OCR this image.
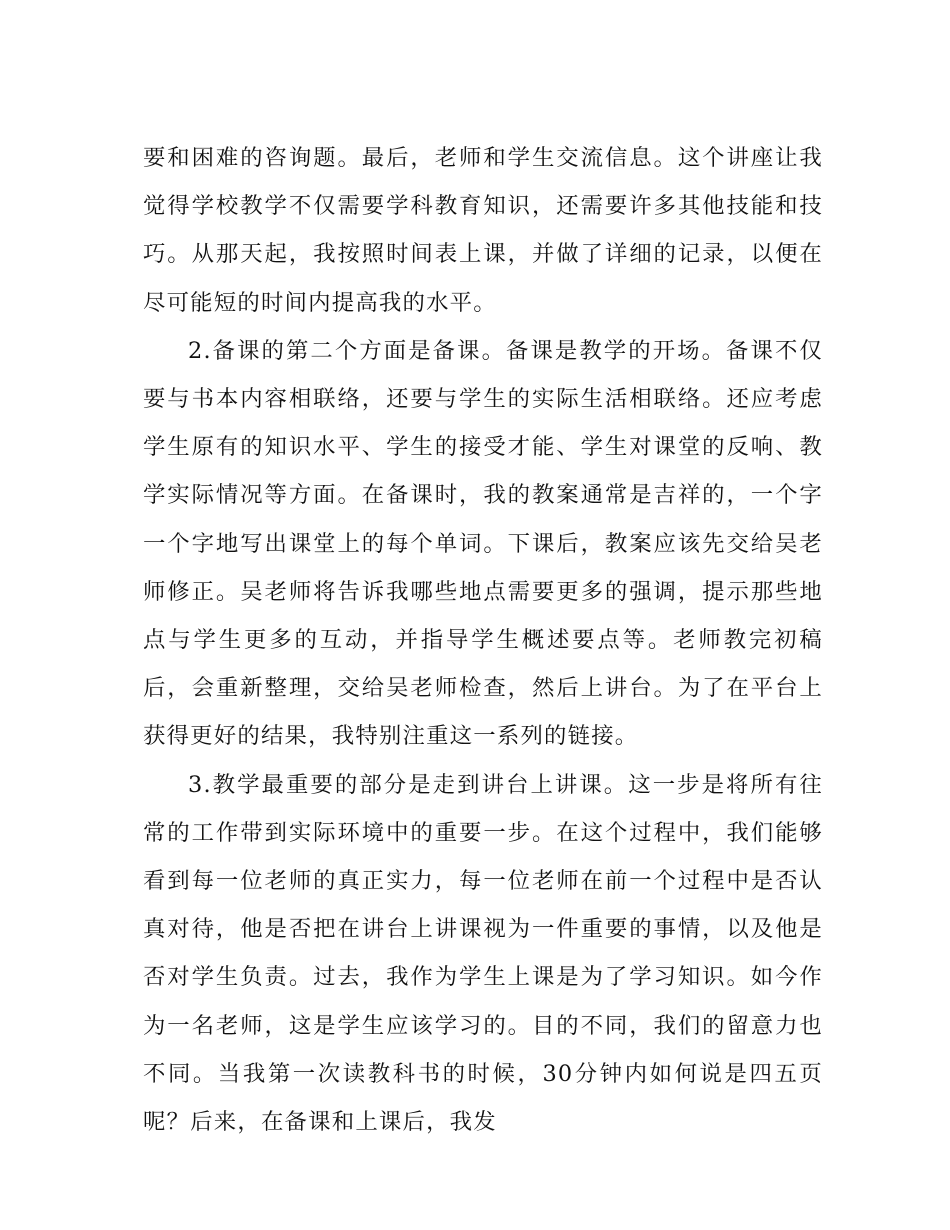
要和困难的咨询题。最后，老师和学生交流信息。这个讲座让我觉得学校教学不仅需要学科教育知识，还需要许多其他技能和技巧。从那天起，我按照时间表上课，并做了详细的记录，以便在尽可能短的时间内提高我的水平。

2.备课的第二个方面是备课。备课是教学的开场。备课不仅要与书本内容相联络，还要与学生的实际生活相联络。还应考虑学生原有的知识水平、学生的接受才能、学生对课堂的反响、教学实际情况等方面。在备课时，我的教案通常是吉祥的，一个字一个字地写出课堂上的每个单词。下课后，教案应该先交给吴老师修正。吴老师将告诉我哪些地点需要更多的强调，提示那些地点与学生更多的互动，并指导学生概述要点等。老师教完初稿后，会重新整理，交给吴老师检查，然后上讲台。为了在平台上获得更好的结果，我特别注重这一系列的链接。

3.教学最重要的部分是走到讲台上讲课。这一步是将所有往常的工作带到实际环境中的重要一步。在这个过程中，我们能够看到每一位老师的真正实力，每一位老师在前一个过程中是否认真对待，他是否把在讲台上讲课视为一件重要的事情，以及他是否对学生负责。过去，我作为学生上课是为了学习知识。如今作为一名老师，这是学生应该学习的。目的不同，我们的留意力也不同。当我第一次读教科书的时候，30分钟内如何说是四五页呢？后来，在备课和上课后，我发
